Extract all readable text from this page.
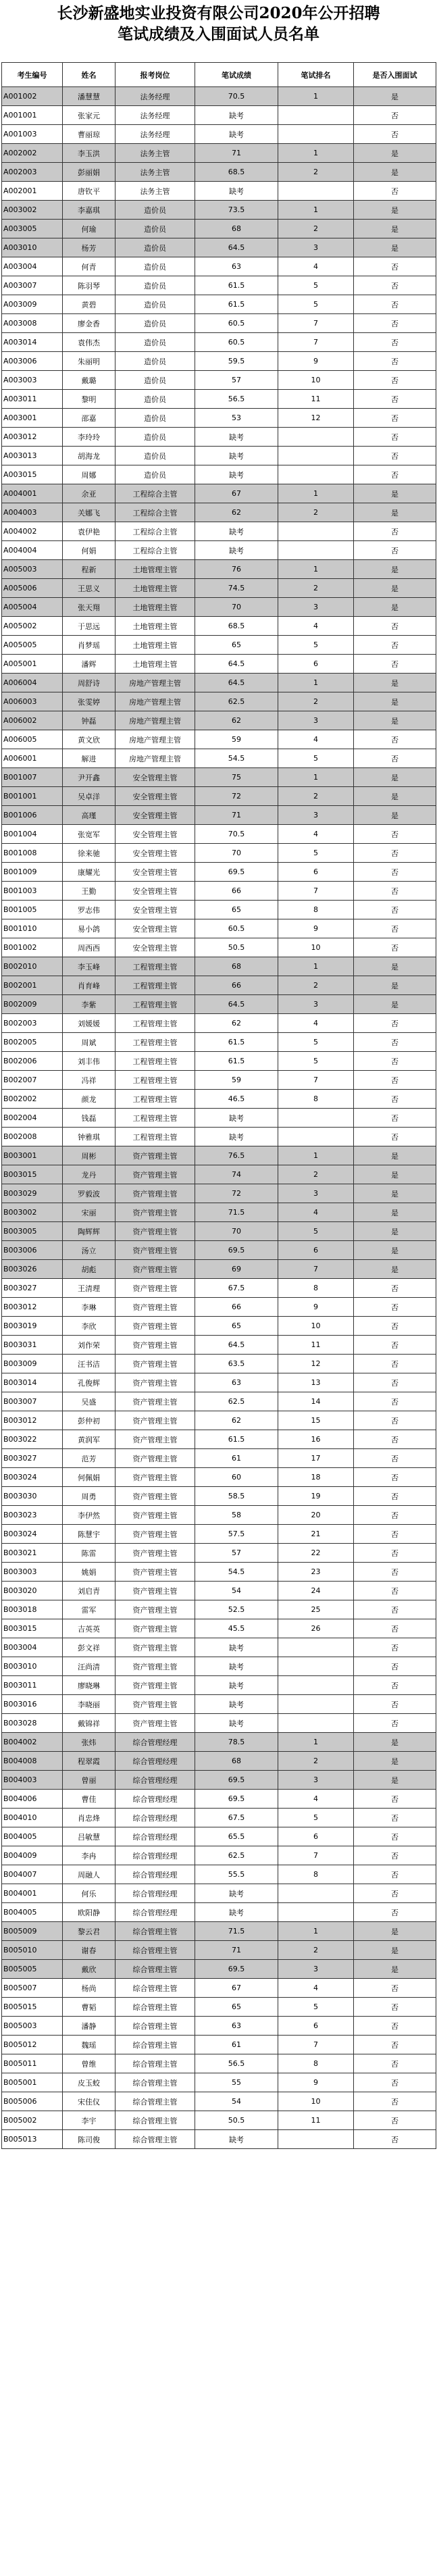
长沙新盛地实业投资有限公司2020年公开招聘
笔试成绩及入围面试人员名单
考生编号	姓名	报考岗位	笔试成绩	笔试排名	是否入围面试
A001002	潘慧慧	法务经理	70.5	1	是
A001001	张家元	法务经理	缺考		否
A001003	曹丽琼	法务经理	缺考		否
A002002	李玉洪	法务主管	71	1	是
A002003	彭丽娟	法务主管	68.5	2	是
A002001	唐钦平	法务主管	缺考		否
A003002	李嘉琪	造价员	73.5	1	是
A003005	何瑜	造价员	68	2	是
A003010	杨芳	造价员	64.5	3	是
A003004	何青	造价员	63	4	否
A003007	陈羽琴	造价员	61.5	5	否
A003009	黄碧	造价员	61.5	5	否
A003008	廖金香	造价员	60.5	7	否
A003014	袁伟杰	造价员	60.5	7	否
A003006	朱丽明	造价员	59.5	9	否
A003003	戴璐	造价员	57	10	否
A003011	黎明	造价员	56.5	11	否
A003001	邵嘉	造价员	53	12	否
A003012	李玲玲	造价员	缺考		否
A003013	胡海龙	造价员	缺考		否
A003015	周娜	造价员	缺考		否
A004001	余亚	工程综合主管	67	1	是
A004003	关娜飞	工程综合主管	62	2	是
A004002	袁伊艳	工程综合主管	缺考		否
A004004	何娟	工程综合主管	缺考		否
A005003	程新	土地管理主管	76	1	是
A005006	王思义	土地管理主管	74.5	2	是
A005004	张天翔	土地管理主管	70	3	是
A005002	于思远	土地管理主管	68.5	4	否
A005005	肖梦瑶	土地管理主管	65	5	否
A005001	潘辉	土地管理主管	64.5	6	否
A006004	周舒诗	房地产管理主管	64.5	1	是
A006003	张雯婷	房地产管理主管	62.5	2	是
A006002	钟磊	房地产管理主管	62	3	是
A006005	黄文欣	房地产管理主管	59	4	否
A006001	解进	房地产管理主管	54.5	5	否
B001007	尹开鑫	安全管理主管	75	1	是
B001001	吴卓洋	安全管理主管	72	2	是
B001006	高瑾	安全管理主管	71	3	是
B001004	张宽军	安全管理主管	70.5	4	否
B001008	徐来驰	安全管理主管	70	5	否
B001009	康耀光	安全管理主管	69.5	6	否
B001003	王勤	安全管理主管	66	7	否
B001005	罗志伟	安全管理主管	65	8	否
B001010	易小鸽	安全管理主管	60.5	9	否
B001002	周西西	安全管理主管	50.5	10	否
B002010	李玉峰	工程管理主管	68	1	是
B002001	肖育峰	工程管理主管	66	2	是
B002009	李紫	工程管理主管	64.5	3	是
B002003	刘媛媛	工程管理主管	62	4	否
B002005	周斌	工程管理主管	61.5	5	否
B002006	刘丰伟	工程管理主管	61.5	5	否
B002007	冯祥	工程管理主管	59	7	否
B002002	颜龙	工程管理主管	46.5	8	否
B002004	钱磊	工程管理主管	缺考		否
B002008	钟雅琪	工程管理主管	缺考		否
B003001	周彬	资产管理主管	76.5	1	是
B003015	龙丹	资产管理主管	74	2	是
B003029	罗毅波	资产管理主管	72	3	是
B003002	宋丽	资产管理主管	71.5	4	是
B003005	陶辉辉	资产管理主管	70	5	是
B003006	汤立	资产管理主管	69.5	6	是
B003026	胡彪	资产管理主管	69	7	是
B003027	王清理	资产管理主管	67.5	8	否
B003012	李琳	资产管理主管	66	9	否
B003019	李欣	资产管理主管	65	10	否
B003031	刘作荣	资产管理主管	64.5	11	否
B003009	汪书洁	资产管理主管	63.5	12	否
B003014	孔俊辉	资产管理主管	63	13	否
B003007	吴盛	资产管理主管	62.5	14	否
B003012	彭仲初	资产管理主管	62	15	否
B003022	黄润军	资产管理主管	61.5	16	否
B003027	范芳	资产管理主管	61	17	否
B003024	何佩娟	资产管理主管	60	18	否
B003030	周勇	资产管理主管	58.5	19	否
B003023	李伊然	资产管理主管	58	20	否
B003024	陈慧宇	资产管理主管	57.5	21	否
B003021	陈雷	资产管理主管	57	22	否
B003003	姚娟	资产管理主管	54.5	23	否
B003020	刘启青	资产管理主管	54	24	否
B003018	雷军	资产管理主管	52.5	25	否
B003015	吉英英	资产管理主管	45.5	26	否
B003004	彭文祥	资产管理主管	缺考		否
B003010	汪尚清	资产管理主管	缺考		否
B003011	廖晓琳	资产管理主管	缺考		否
B003016	李晓丽	资产管理主管	缺考		否
B003028	戴锦祥	资产管理主管	缺考		否
B004002	张炜	综合管理经理	78.5	1	是
B004008	程翠霞	综合管理经理	68	2	是
B004003	曾丽	综合管理经理	69.5	3	是
B004006	曹佳	综合管理经理	69.5	4	否
B004010	肖忠烽	综合管理经理	67.5	5	否
B004005	吕敏慧	综合管理经理	65.5	6	否
B004009	李冉	综合管理经理	62.5	7	否
B004007	周融人	综合管理经理	55.5	8	否
B004001	何乐	综合管理经理	缺考		否
B004005	欧阳静	综合管理经理	缺考		否
B005009	黎云君	综合管理主管	71.5	1	是
B005010	谢春	综合管理主管	71	2	是
B005005	戴欣	综合管理主管	69.5	3	是
B005007	杨尚	综合管理主管	67	4	否
B005015	曹韬	综合管理主管	65	5	否
B005003	潘静	综合管理主管	63	6	否
B005012	魏瑶	综合管理主管	61	7	否
B005011	曾维	综合管理主管	56.5	8	否
B005001	皮玉蛟	综合管理主管	55	9	否
B005006	宋佳仪	综合管理主管	54	10	否
B005002	李宇	综合管理主管	50.5	11	否
B005013	陈司俊	综合管理主管	缺考		否
